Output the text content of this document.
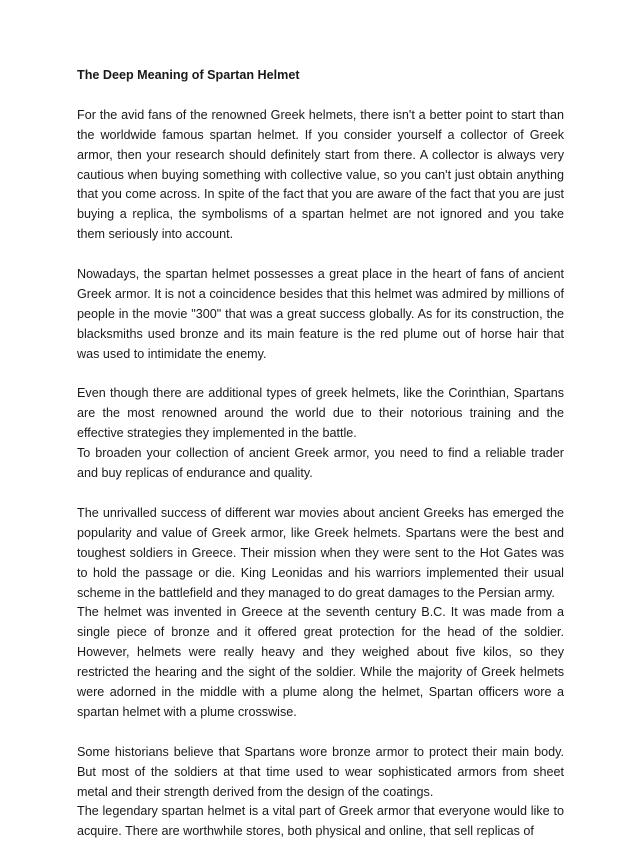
The Deep Meaning of Spartan Helmet

For the avid fans of the renowned Greek helmets, there isn't a better point to start than the worldwide famous spartan helmet. If you consider yourself a collector of Greek armor, then your research should definitely start from there. A collector is always very cautious when buying something with collective value, so you can't just obtain anything that you come across. In spite of the fact that you are aware of the fact that you are just buying a replica, the symbolisms of a spartan helmet are not ignored and you take them seriously into account.

Nowadays, the spartan helmet possesses a great place in the heart of fans of ancient Greek armor. It is not a coincidence besides that this helmet was admired by millions of people in the movie "300" that was a great success globally. As for its construction, the blacksmiths used bronze and its main feature is the red plume out of horse hair that was used to intimidate the enemy.

Even though there are additional types of greek helmets, like the Corinthian, Spartans are the most renowned around the world due to their notorious training and the effective strategies they implemented in the battle.

To broaden your collection of ancient Greek armor, you need to find a reliable trader and buy replicas of endurance and quality.

The unrivalled success of different war movies about ancient Greeks has emerged the popularity and value of Greek armor, like Greek helmets. Spartans were the best and toughest soldiers in Greece. Their mission when they were sent to the Hot Gates was to hold the passage or die. King Leonidas and his warriors implemented their usual scheme in the battlefield and they managed to do great damages to the Persian army.

The helmet was invented in Greece at the seventh century B.C. It was made from a single piece of bronze and it offered great protection for the head of the soldier. However, helmets were really heavy and they weighed about five kilos, so they restricted the hearing and the sight of the soldier. While the majority of Greek helmets were adorned in the middle with a plume along the helmet, Spartan officers wore a spartan helmet with a plume crosswise.

Some historians believe that Spartans wore bronze armor to protect their main body. But most of the soldiers at that time used to wear sophisticated armors from sheet metal and their strength derived from the design of the coatings.

The legendary spartan helmet is a vital part of Greek armor that everyone would like to acquire. There are worthwhile stores, both physical and online, that sell replicas of
